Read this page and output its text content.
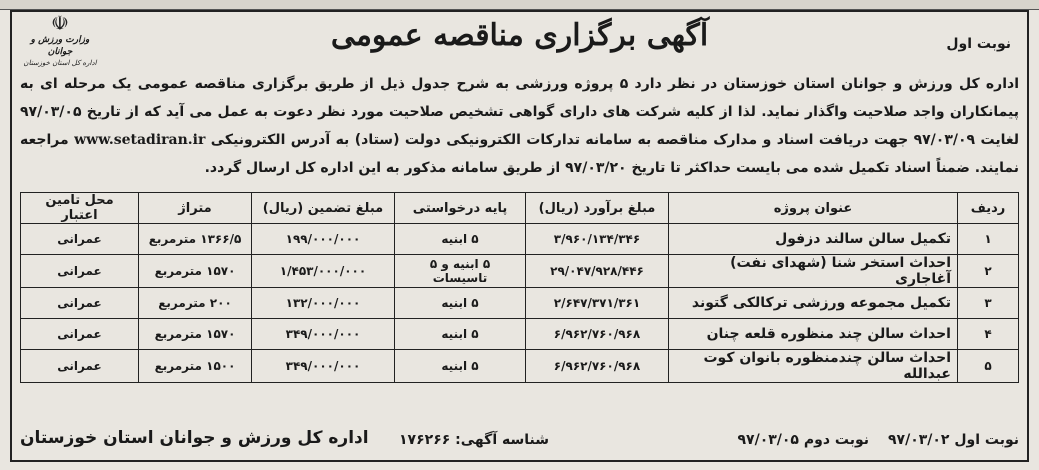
نوبت اول
آگهی برگزاری مناقصه عمومی
☫
وزارت ورزش و جوانان
اداره کل استان خوزستان
اداره کل ورزش و جوانان استان خوزستان در نظر دارد ۵ پروژه ورزشی به شرح جدول ذیل از طریق برگزاری مناقصه عمومی یک مرحله ای به پیمانکاران واجد صلاحیت واگذار نماید. لذا از کلیه شرکت های دارای گواهی تشخیص صلاحیت مورد نظر دعوت به عمل می آید که از تاریخ ۹۷/۰۳/۰۵ لغایت ۹۷/۰۳/۰۹ جهت دریافت اسناد و مدارک مناقصه به سامانه تدارکات الکترونیکی دولت (ستاد) به آدرس الکترونیکی www.setadiran.ir مراجعه نمایند. ضمناً اسناد تکمیل شده می بایست حداکثر تا تاریخ ۹۷/۰۳/۲۰ از طریق سامانه مذکور به این اداره کل ارسال گردد.
ردیف	عنوان پروژه	مبلغ برآورد (ریال)	پایه درخواستی	مبلغ تضمین (ریال)	متراژ	محل تامین اعتبار
۱	تکمیل سالن سالند دزفول	۳/۹۶۰/۱۳۴/۳۴۶	۵ ابنیه	۱۹۹/۰۰۰/۰۰۰	۱۳۶۶/۵ مترمربع	عمرانی
۲	احداث استخر شنا (شهدای نفت) آغاجاری	۲۹/۰۴۷/۹۲۸/۴۴۶	۵ ابنیه و ۵ تاسیسات	۱/۴۵۳/۰۰۰/۰۰۰	۱۵۷۰ مترمربع	عمرانی
۳	تکمیل مجموعه ورزشی ترکالکی گتوند	۲/۶۴۷/۳۷۱/۳۶۱	۵ ابنیه	۱۳۲/۰۰۰/۰۰۰	۲۰۰ مترمربع	عمرانی
۴	احداث سالن چند منظوره قلعه چنان	۶/۹۶۲/۷۶۰/۹۶۸	۵ ابنیه	۳۴۹/۰۰۰/۰۰۰	۱۵۷۰ مترمربع	عمرانی
۵	احداث سالن چندمنظوره بانوان کوت عبدالله	۶/۹۶۲/۷۶۰/۹۶۸	۵ ابنیه	۳۴۹/۰۰۰/۰۰۰	۱۵۰۰ مترمربع	عمرانی
نوبت اول ۹۷/۰۳/۰۲
نوبت دوم ۹۷/۰۳/۰۵
شناسه آگهی: ۱۷۶۲۶۶
اداره کل ورزش و جوانان استان خوزستان
